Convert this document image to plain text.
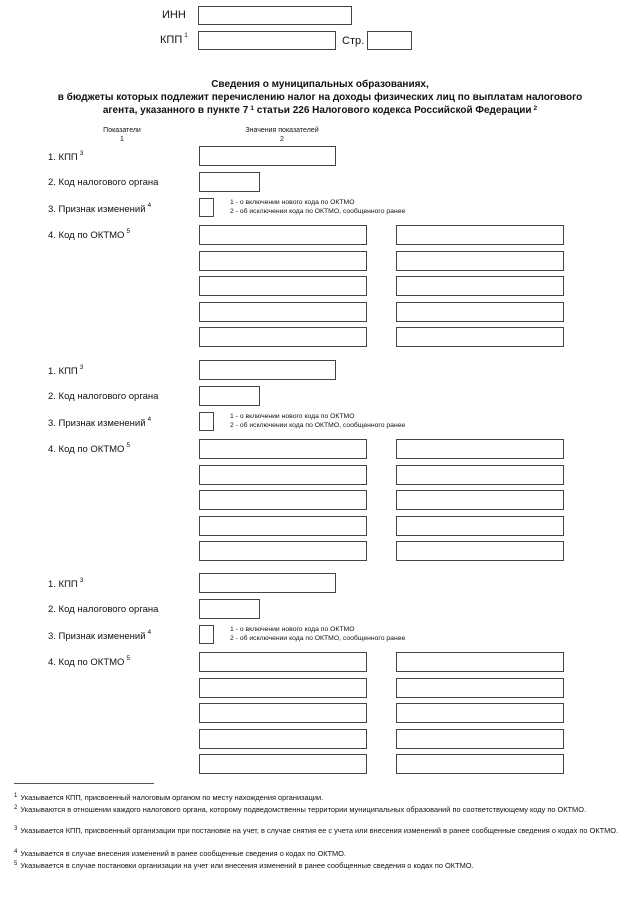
ИНН
КПП $^1$	Стр.
Сведения о муниципальных образованиях,
в бюджеты которых подлежит перечислению налог на доходы физических лиц по выплатам налогового
агента, указанного в пункте 7 $^1$ статьи 226 Налогового кодекса Российской Федерации $^2$
Показатели
1
Значения показателей
2
1. КПП $^3$
2. Код налогового органа
3. Признак изменений $^4$	1 - о включении нового кода по ОКТМО
2 - об исключении кода по ОКТМО, сообщенного ранее
4. Код по ОКТМО $^5$
1. КПП $^3$
2. Код налогового органа
3. Признак изменений $^4$	1 - о включении нового кода по ОКТМО
2 - об исключении кода по ОКТМО, сообщенного ранее
4. Код по ОКТМО $^5$
1. КПП $^3$
2. Код налогового органа
3. Признак изменений $^4$	1 - о включении нового кода по ОКТМО
2 - об исключении кода по ОКТМО, сообщенного ранее
4. Код по ОКТМО $^5$
$^1$ Указывается КПП, присвоенный налоговым органом по месту нахождения организации.
$^2$ Указываются в отношении каждого налогового органа, которому подведомственны территории муниципальных образований по соответствующему коду по ОКТМО.
$^3$ Указывается КПП, присвоенный организации при постановке на учет, в случае снятия ее с учета или внесения изменений в ранее сообщенные сведения о кодах по ОКТМО.
$^4$ Указывается в случае внесения изменений в ранее сообщенные сведения о кодах по ОКТМО.
$^5$ Указывается в случае постановки организации на учет или внесения изменений в ранее сообщенные сведения о кодах по ОКТМО.
